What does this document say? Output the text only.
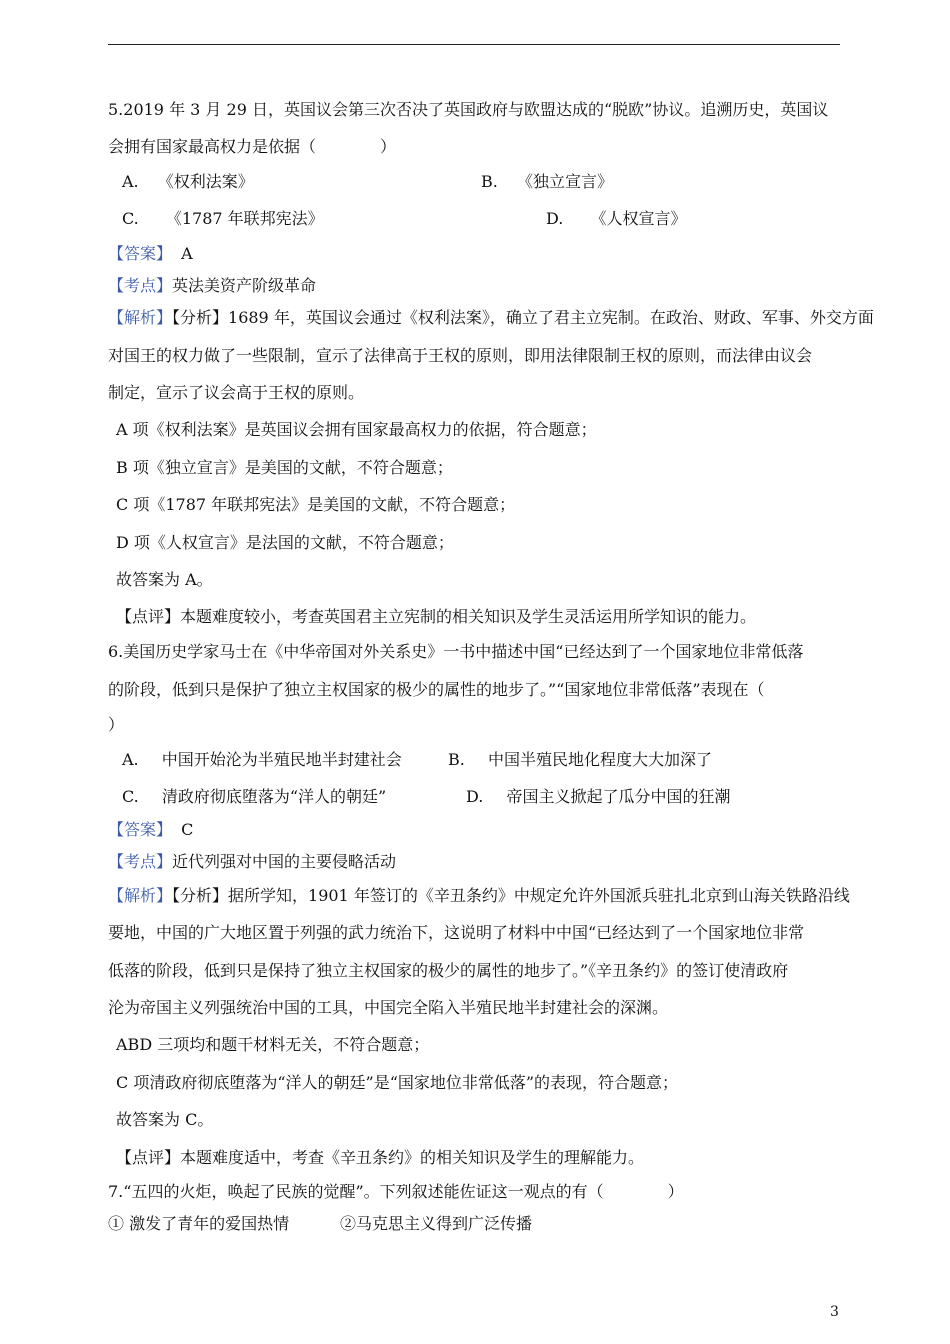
5.2019 年 3 月 29 日，英国议会第三次否决了英国政府与欧盟达成的“脱欧”协议。追溯历史，英国议
会拥有国家最高权力是依据（　　　　）
A. 《权利法案》	B. 《独立宣言》
C. 《1787 年联邦宪法》	D. 《人权宣言》
【答案】 A
【考点】英法美资产阶级革命
【解析】【分析】1689 年，英国议会通过《权利法案》，确立了君主立宪制。在政治、财政、军事、外交方面
对国王的权力做了一些限制，宣示了法律高于王权的原则，即用法律限制王权的原则，而法律由议会
制定，宣示了议会高于王权的原则。
A 项《权利法案》是英国议会拥有国家最高权力的依据，符合题意；
B 项《独立宣言》是美国的文献，不符合题意；
C 项《1787 年联邦宪法》是美国的文献，不符合题意；
D 项《人权宣言》是法国的文献，不符合题意；
故答案为 A。
【点评】本题难度较小，考查英国君主立宪制的相关知识及学生灵活运用所学知识的能力。
6.美国历史学家马士在《中华帝国对外关系史》一书中描述中国“已经达到了一个国家地位非常低落
的阶段，低到只是保护了独立主权国家的极少的属性的地步了。”“国家地位非常低落”表现在（
）
A. 中国开始沦为半殖民地半封建社会	B. 中国半殖民地化程度大大加深了
C. 清政府彻底堕落为“洋人的朝廷”	D. 帝国主义掀起了瓜分中国的狂潮
【答案】 C
【考点】近代列强对中国的主要侵略活动
【解析】【分析】据所学知，1901 年签订的《辛丑条约》中规定允许外国派兵驻扎北京到山海关铁路沿线
要地，中国的广大地区置于列强的武力统治下，这说明了材料中中国“已经达到了一个国家地位非常
低落的阶段，低到只是保持了独立主权国家的极少的属性的地步了。”《辛丑条约》的签订使清政府
沦为帝国主义列强统治中国的工具，中国完全陷入半殖民地半封建社会的深渊。
ABD 三项均和题干材料无关，不符合题意；
C 项清政府彻底堕落为“洋人的朝廷”是“国家地位非常低落”的表现，符合题意；
故答案为 C。
【点评】本题难度适中，考查《辛丑条约》的相关知识及学生的理解能力。
7.“五四的火炬，唤起了民族的觉醒”。下列叙述能佐证这一观点的有（　　　　）
① 激发了青年的爱国热情	②马克思主义得到广泛传播
3
